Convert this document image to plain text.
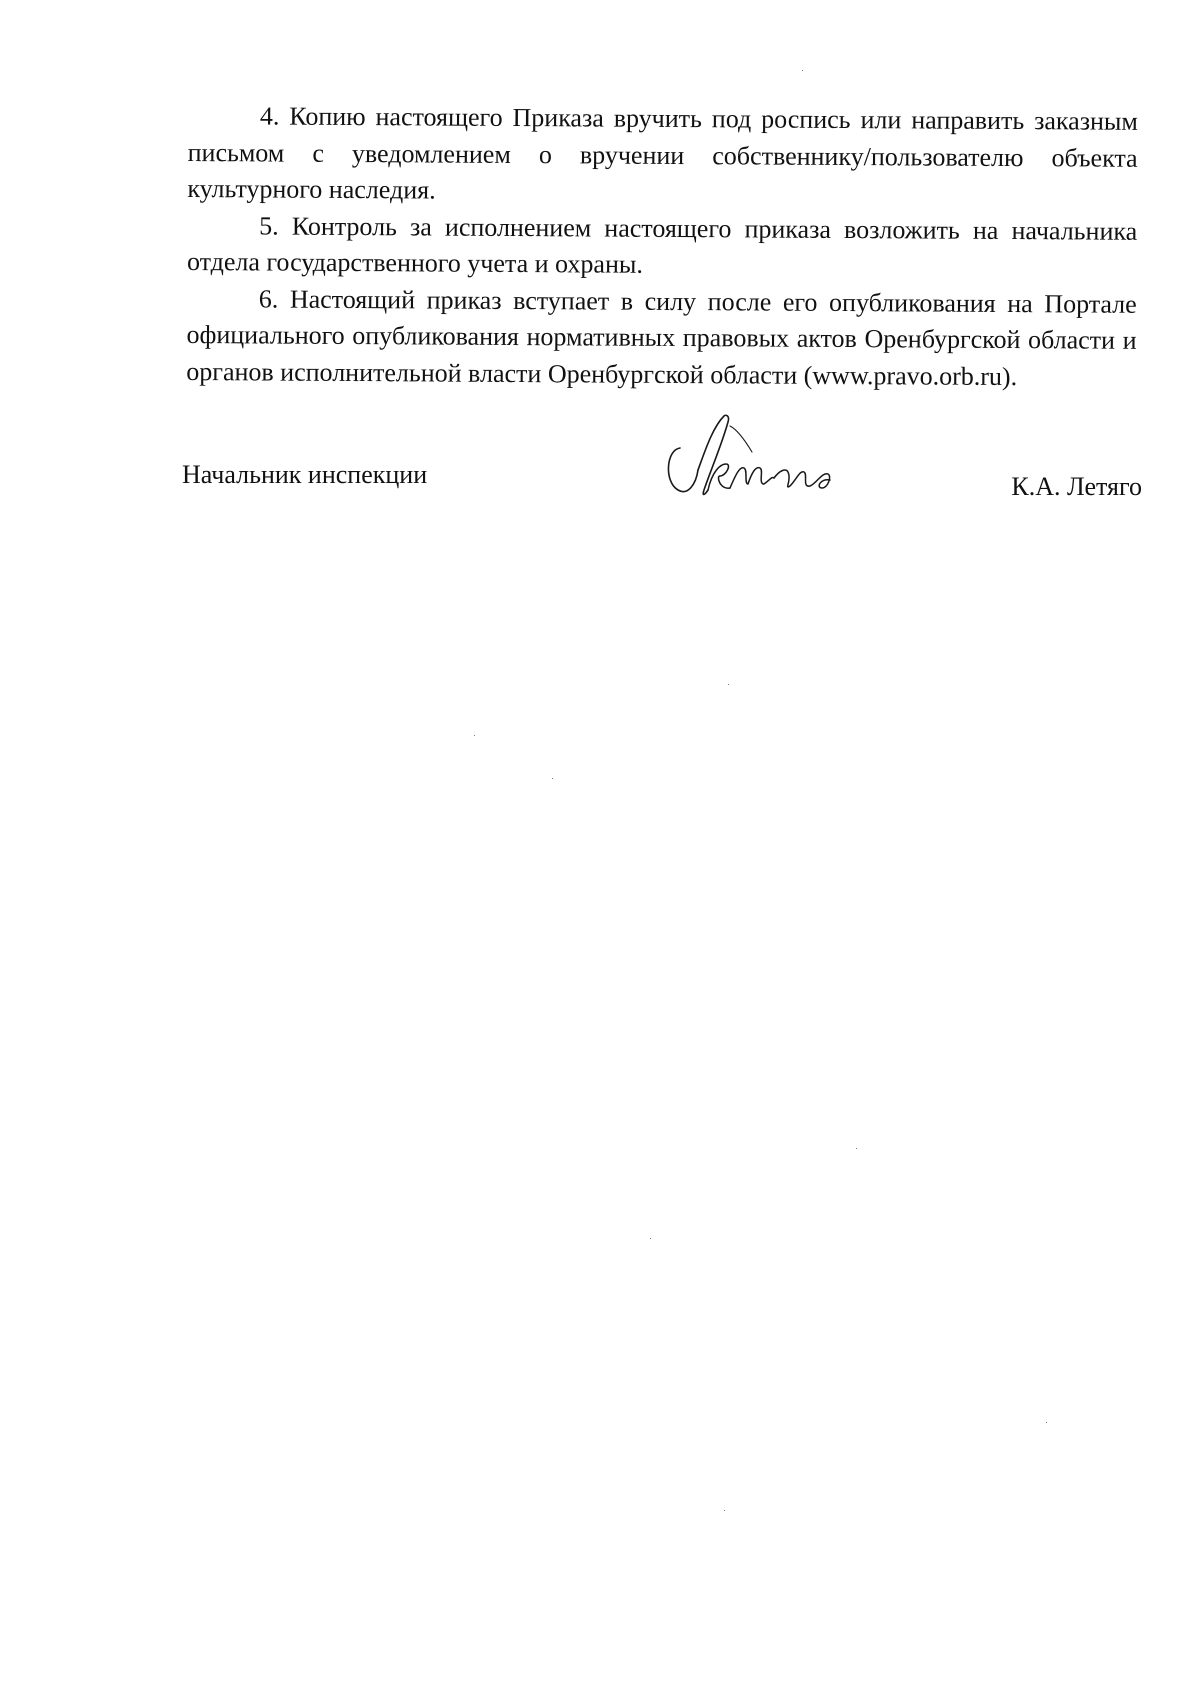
4. Копию настоящего Приказа вручить под роспись или направить заказным письмом с уведомлением о вручении собственнику/пользователю объекта культурного наследия.

5. Контроль за исполнением настоящего приказа возложить на начальника отдела государственного учета и охраны.

6. Настоящий приказ вступает в силу после его опубликования на Портале официального опубликования нормативных правовых актов Оренбургской области и органов исполнительной власти Оренбургской области (www.pravo.orb.ru).

Начальник инспекции	К.А. Летяго
